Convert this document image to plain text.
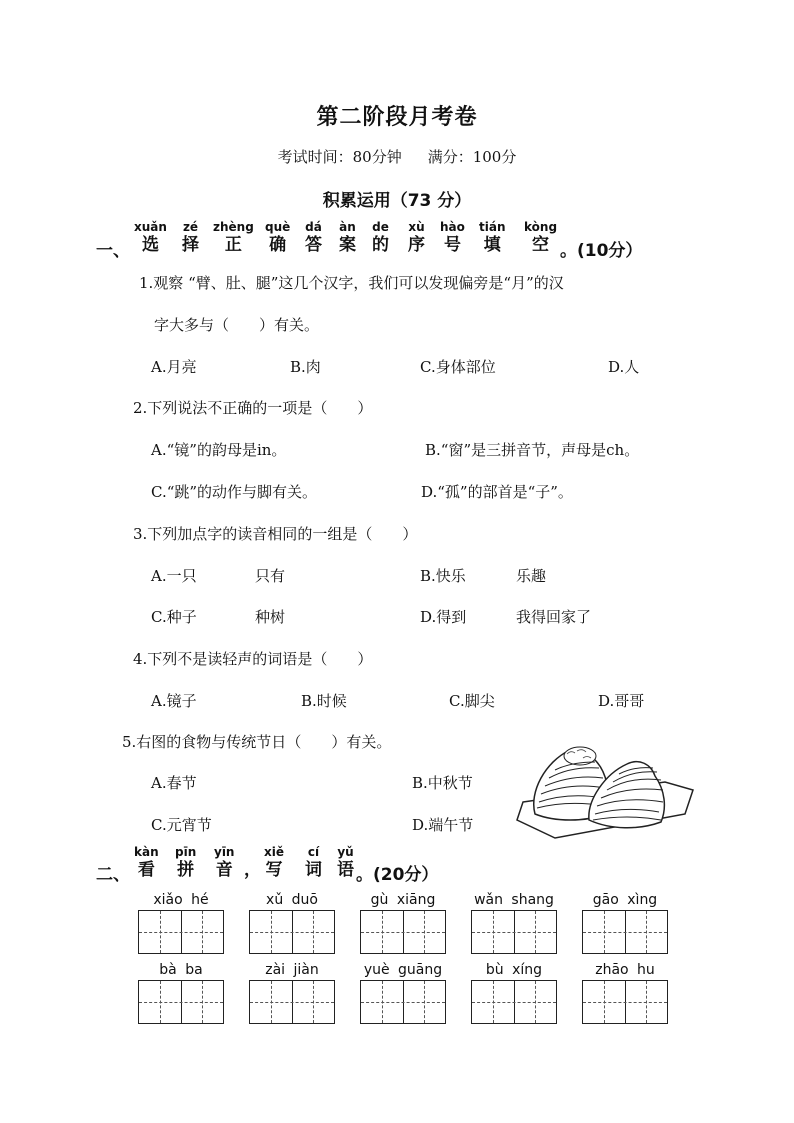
第二阶段月考卷
考试时间：80分钟 满分：100分
积累运用（73 分）
一、
xuǎn
选
zé
择
zhèng
正
què
确
dá
答
àn
案
de
的
xù
序
hào
号
tián
填
kòng
空 。(10分）
1.观察 “臂、肚、腿”这几个汉字，我们可以发现偏旁是“月”的汉
字大多与（　　）有关。
A.月亮	B.肉	C.身体部位	D.人
2.下列说法不正确的一项是（　　）
A.“镜”的韵母是in。	B.“窗”是三拼音节，声母是ch。
C.“跳”的动作与脚有关。	D.“孤”的部首是“子”。
3.下列加点字的读音相同的一组是（　　）
A.一只	只有	B.快乐	乐趣
C.种子	种树	D.得到	我得回家了
4.下列不是读轻声的词语是（　　）
A.镜子	B.时候	C.脚尖	D.哥哥
5.右图的食物与传统节日（　　）有关。
A.春节	B.中秋节
C.元宵节	D.端午节
二、
kàn
看
pīn
拼
yīn
音 ，
xiě
写
cí
词
yǔ
语 。(20分）
xiǎo hé	xǔ duō	gù xiāng	wǎn shang	gāo xìng
bà ba	zài jiàn	yuè guāng	bù xíng	zhāo hu
